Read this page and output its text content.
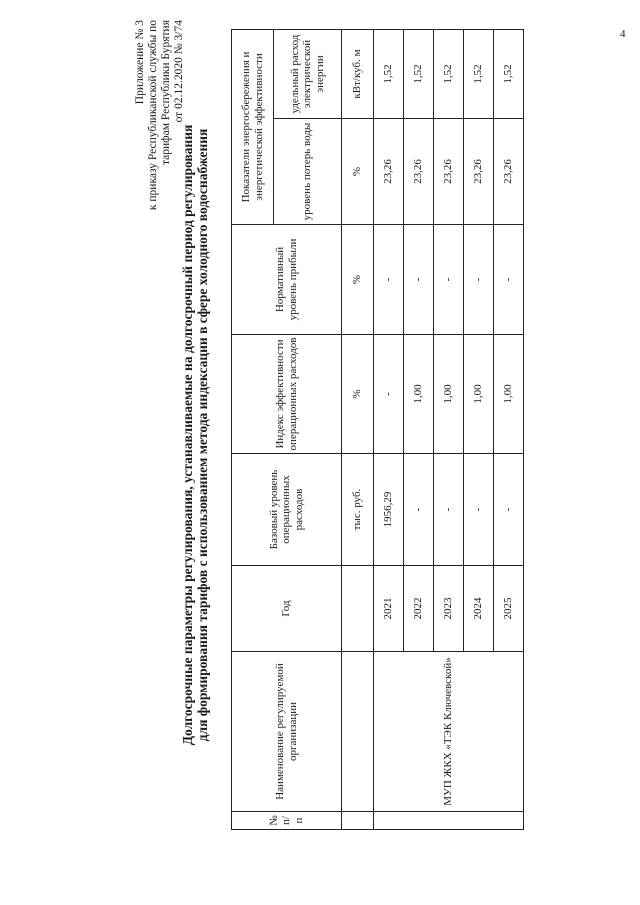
4
Приложение № 3 к приказу Республиканской службы по тарифам Республики Бурятия от 02.12.2020 № 3/74
Долгосрочные параметры регулирования, устанавливаемые на долгосрочный период регулирования для формирования тарифов с использованием метода индексации в сфере холодного водоснабжения
№ п/п	Наименование регулируемой организации	Год	Базовый уровень операционных расходов	Индекс эффективности операционных расходов	Нормативный уровень прибыли	Показатели энергосбережения и энергетической эффективности	
						уровень потерь воды	удельный расход электрической энергии
			тыс. руб.	%	%	%	кВт/куб. м
	МУП ЖКХ «ТЭК Ключевской»	2021	1956,29	-	-	23,26	1,52
		2022	-	1,00	-	23,26	1,52
		2023	-	1,00	-	23,26	1,52
		2024	-	1,00	-	23,26	1,52
		2025	-	1,00	-	23,26	1,52
